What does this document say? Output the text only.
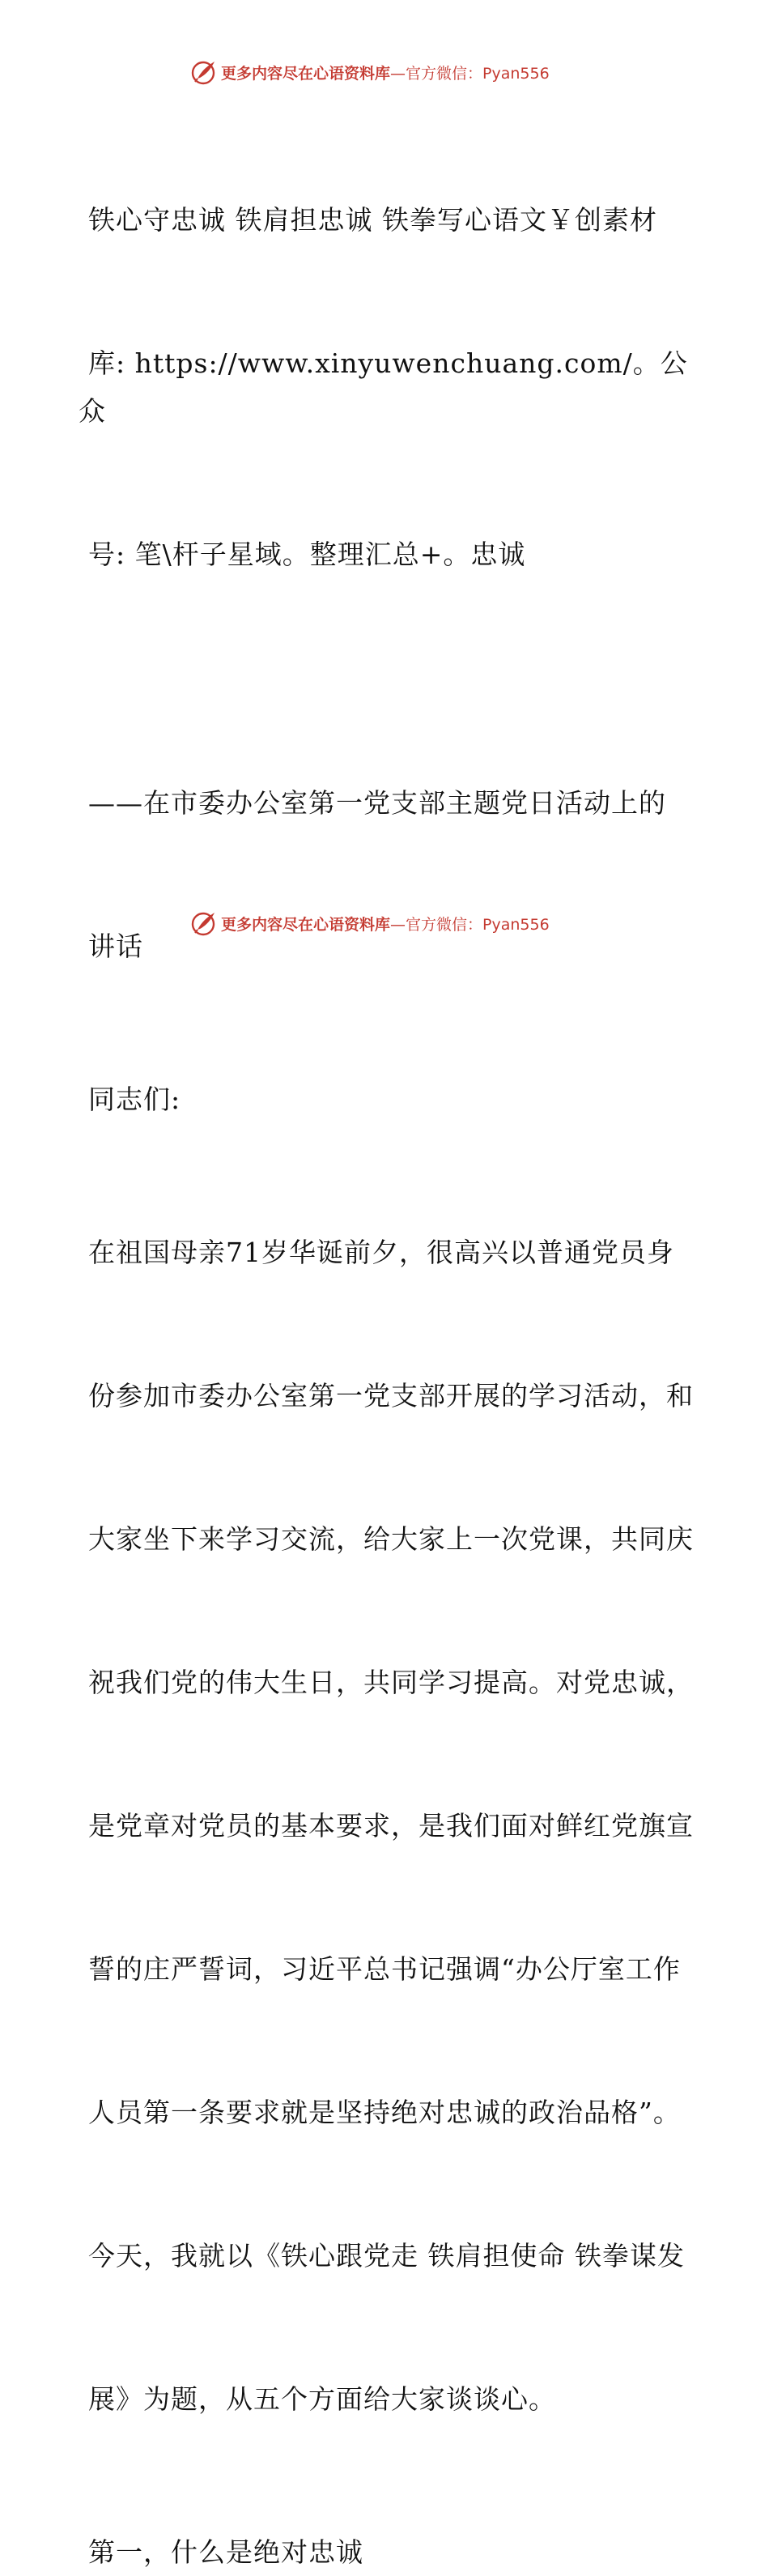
更多内容尽在心语资料库 —官方微信：Pyan556

铁心守忠诚 铁肩担忠诚 铁拳写心语文￥创素材

库: https://www.xinyuwenchuang.com/。公众

号: 笔\杆子星域。整理汇总+。忠诚

——在市委办公室第一党支部主题党日活动上的

讲话

同志们:

在祖国母亲71岁华诞前夕，很高兴以普通党员身

份参加市委办公室第一党支部开展的学习活动，和

大家坐下来学习交流，给大家上一次党课，共同庆

祝我们党的伟大生日，共同学习提高。对党忠诚，

是党章对党员的基本要求，是我们面对鲜红党旗宣

誓的庄严誓词，习近平总书记强调“办公厅室工作

人员第一条要求就是坚持绝对忠诚的政治品格”。

今天，我就以《铁心跟党走 铁肩担使命 铁拳谋发

展》为题，从五个方面给大家谈谈心。

第一，什么是绝对忠诚

更多内容尽在心语资料库 —官方微信：Pyan556
